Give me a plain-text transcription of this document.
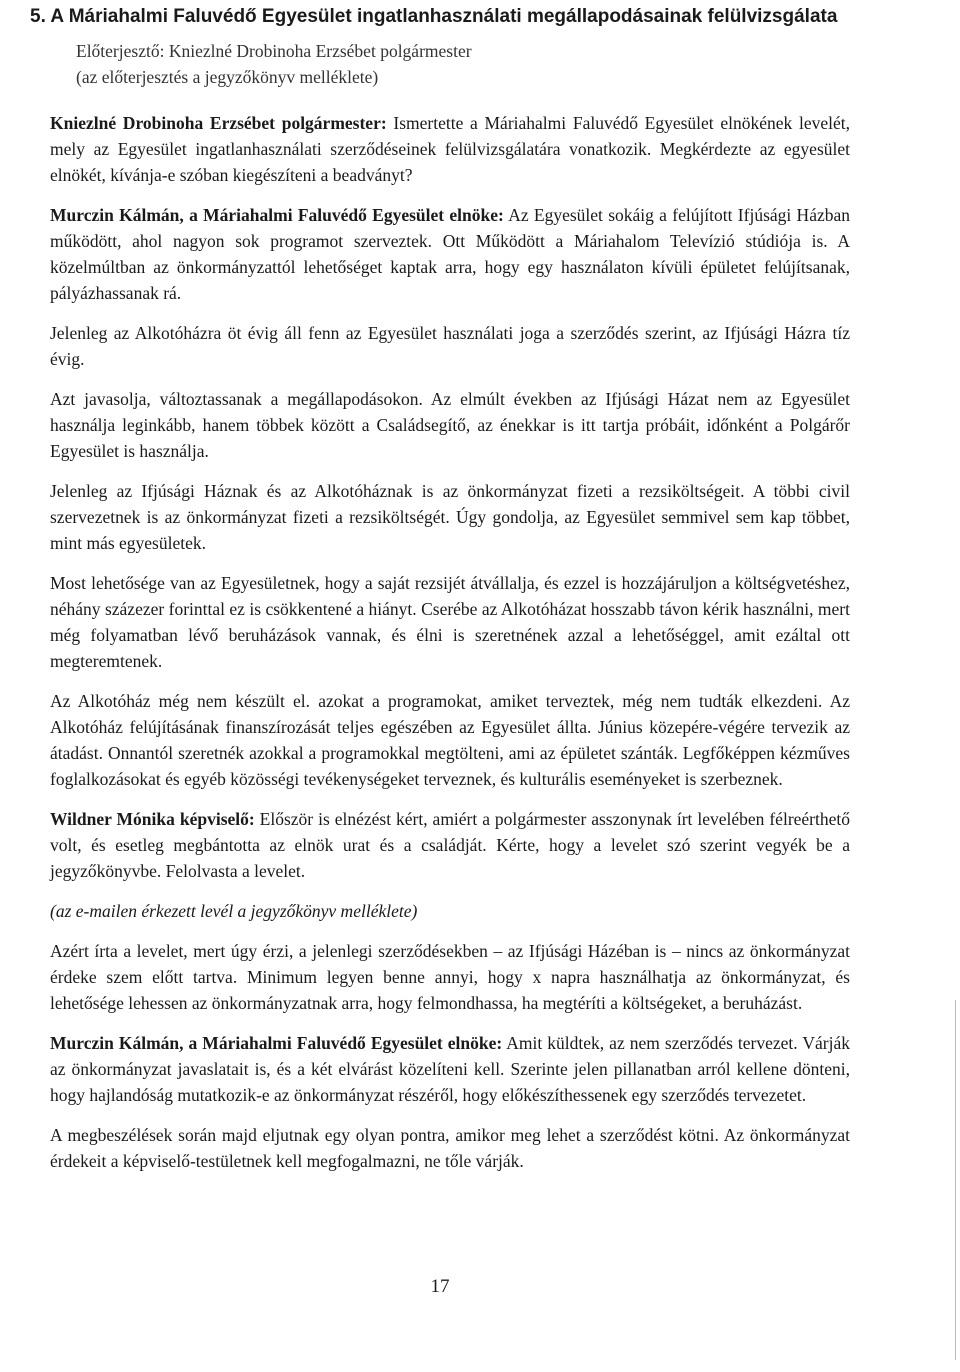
5. A Máriahalmi Faluvédő Egyesület ingatlanhasználati megállapodásainak felülvizsgálata
Előterjesztő: Kniezlné Drobinoha Erzsébet polgármester
(az előterjesztés a jegyzőkönyv melléklete)

Kniezlné Drobinoha Erzsébet polgármester: Ismertette a Máriahalmi Faluvédő Egyesület elnökének levelét, mely az Egyesület ingatlanhasználati szerződéseinek felülvizsgálatára vonatkozik. Megkérdezte az egyesület elnökét, kívánja-e szóban kiegészíteni a beadványt?

Murczin Kálmán, a Máriahalmi Faluvédő Egyesület elnöke: Az Egyesület sokáig a felújított Ifjúsági Házban működött, ahol nagyon sok programot szerveztek. Ott Működött a Máriahalom Televízió stúdiója is. A közelmúltban az önkormányzattól lehetőséget kaptak arra, hogy egy használaton kívüli épületet felújítsanak, pályázhassanak rá.

Jelenleg az Alkotóházra öt évig áll fenn az Egyesület használati joga a szerződés szerint, az Ifjúsági Házra tíz évig.

Azt javasolja, változtassanak a megállapodásokon. Az elmúlt években az Ifjúsági Házat nem az Egyesület használja leginkább, hanem többek között a Családsegítő, az énekkar is itt tartja próbáit, időnként a Polgárőr Egyesület is használja.

Jelenleg az Ifjúsági Háznak és az Alkotóháznak is az önkormányzat fizeti a rezsiköltségeit. A többi civil szervezetnek is az önkormányzat fizeti a rezsiköltségét. Úgy gondolja, az Egyesület semmivel sem kap többet, mint más egyesületek.

Most lehetősége van az Egyesületnek, hogy a saját rezsijét átvállalja, és ezzel is hozzájáruljon a költségvetéshez, néhány százezer forinttal ez is csökkentené a hiányt. Cserébe az Alkotóházat hosszabb távon kérik használni, mert még folyamatban lévő beruházások vannak, és élni is szeretnének azzal a lehetőséggel, amit ezáltal ott megteremtenek.

Az Alkotóház még nem készült el. azokat a programokat, amiket terveztek, még nem tudták elkezdeni. Az Alkotóház felújításának finanszírozását teljes egészében az Egyesület állta. Június közepére-végére tervezik az átadást. Onnantól szeretnék azokkal a programokkal megtölteni, ami az épületet szánták. Legfőképpen kézműves foglalkozásokat és egyéb közösségi tevékenységeket terveznek, és kulturális eseményeket is szerbeznek.

Wildner Mónika képviselő: Először is elnézést kért, amiért a polgármester asszonynak írt levelében félreérthető volt, és esetleg megbántotta az elnök urat és a családját. Kérte, hogy a levelet szó szerint vegyék be a jegyzőkönyvbe. Felolvasta a levelet.

(az e-mailen érkezett levél a jegyzőkönyv melléklete)

Azért írta a levelet, mert úgy érzi, a jelenlegi szerződésekben – az Ifjúsági Házéban is – nincs az önkormányzat érdeke szem előtt tartva. Minimum legyen benne annyi, hogy x napra használhatja az önkormányzat, és lehetősége lehessen az önkormányzatnak arra, hogy felmondhassa, ha megtéríti a költségeket, a beruházást.

Murczin Kálmán, a Máriahalmi Faluvédő Egyesület elnöke: Amit küldtek, az nem szerződés tervezet. Várják az önkormányzat javaslatait is, és a két elvárást közelíteni kell. Szerinte jelen pillanatban arról kellene dönteni, hogy hajlandóság mutatkozik-e az önkormányzat részéről, hogy előkészíthessenek egy szerződés tervezetet.

A megbeszélések során majd eljutnak egy olyan pontra, amikor meg lehet a szerződést kötni. Az önkormányzat érdekeit a képviselő-testületnek kell megfogalmazni, ne tőle várják.

17
